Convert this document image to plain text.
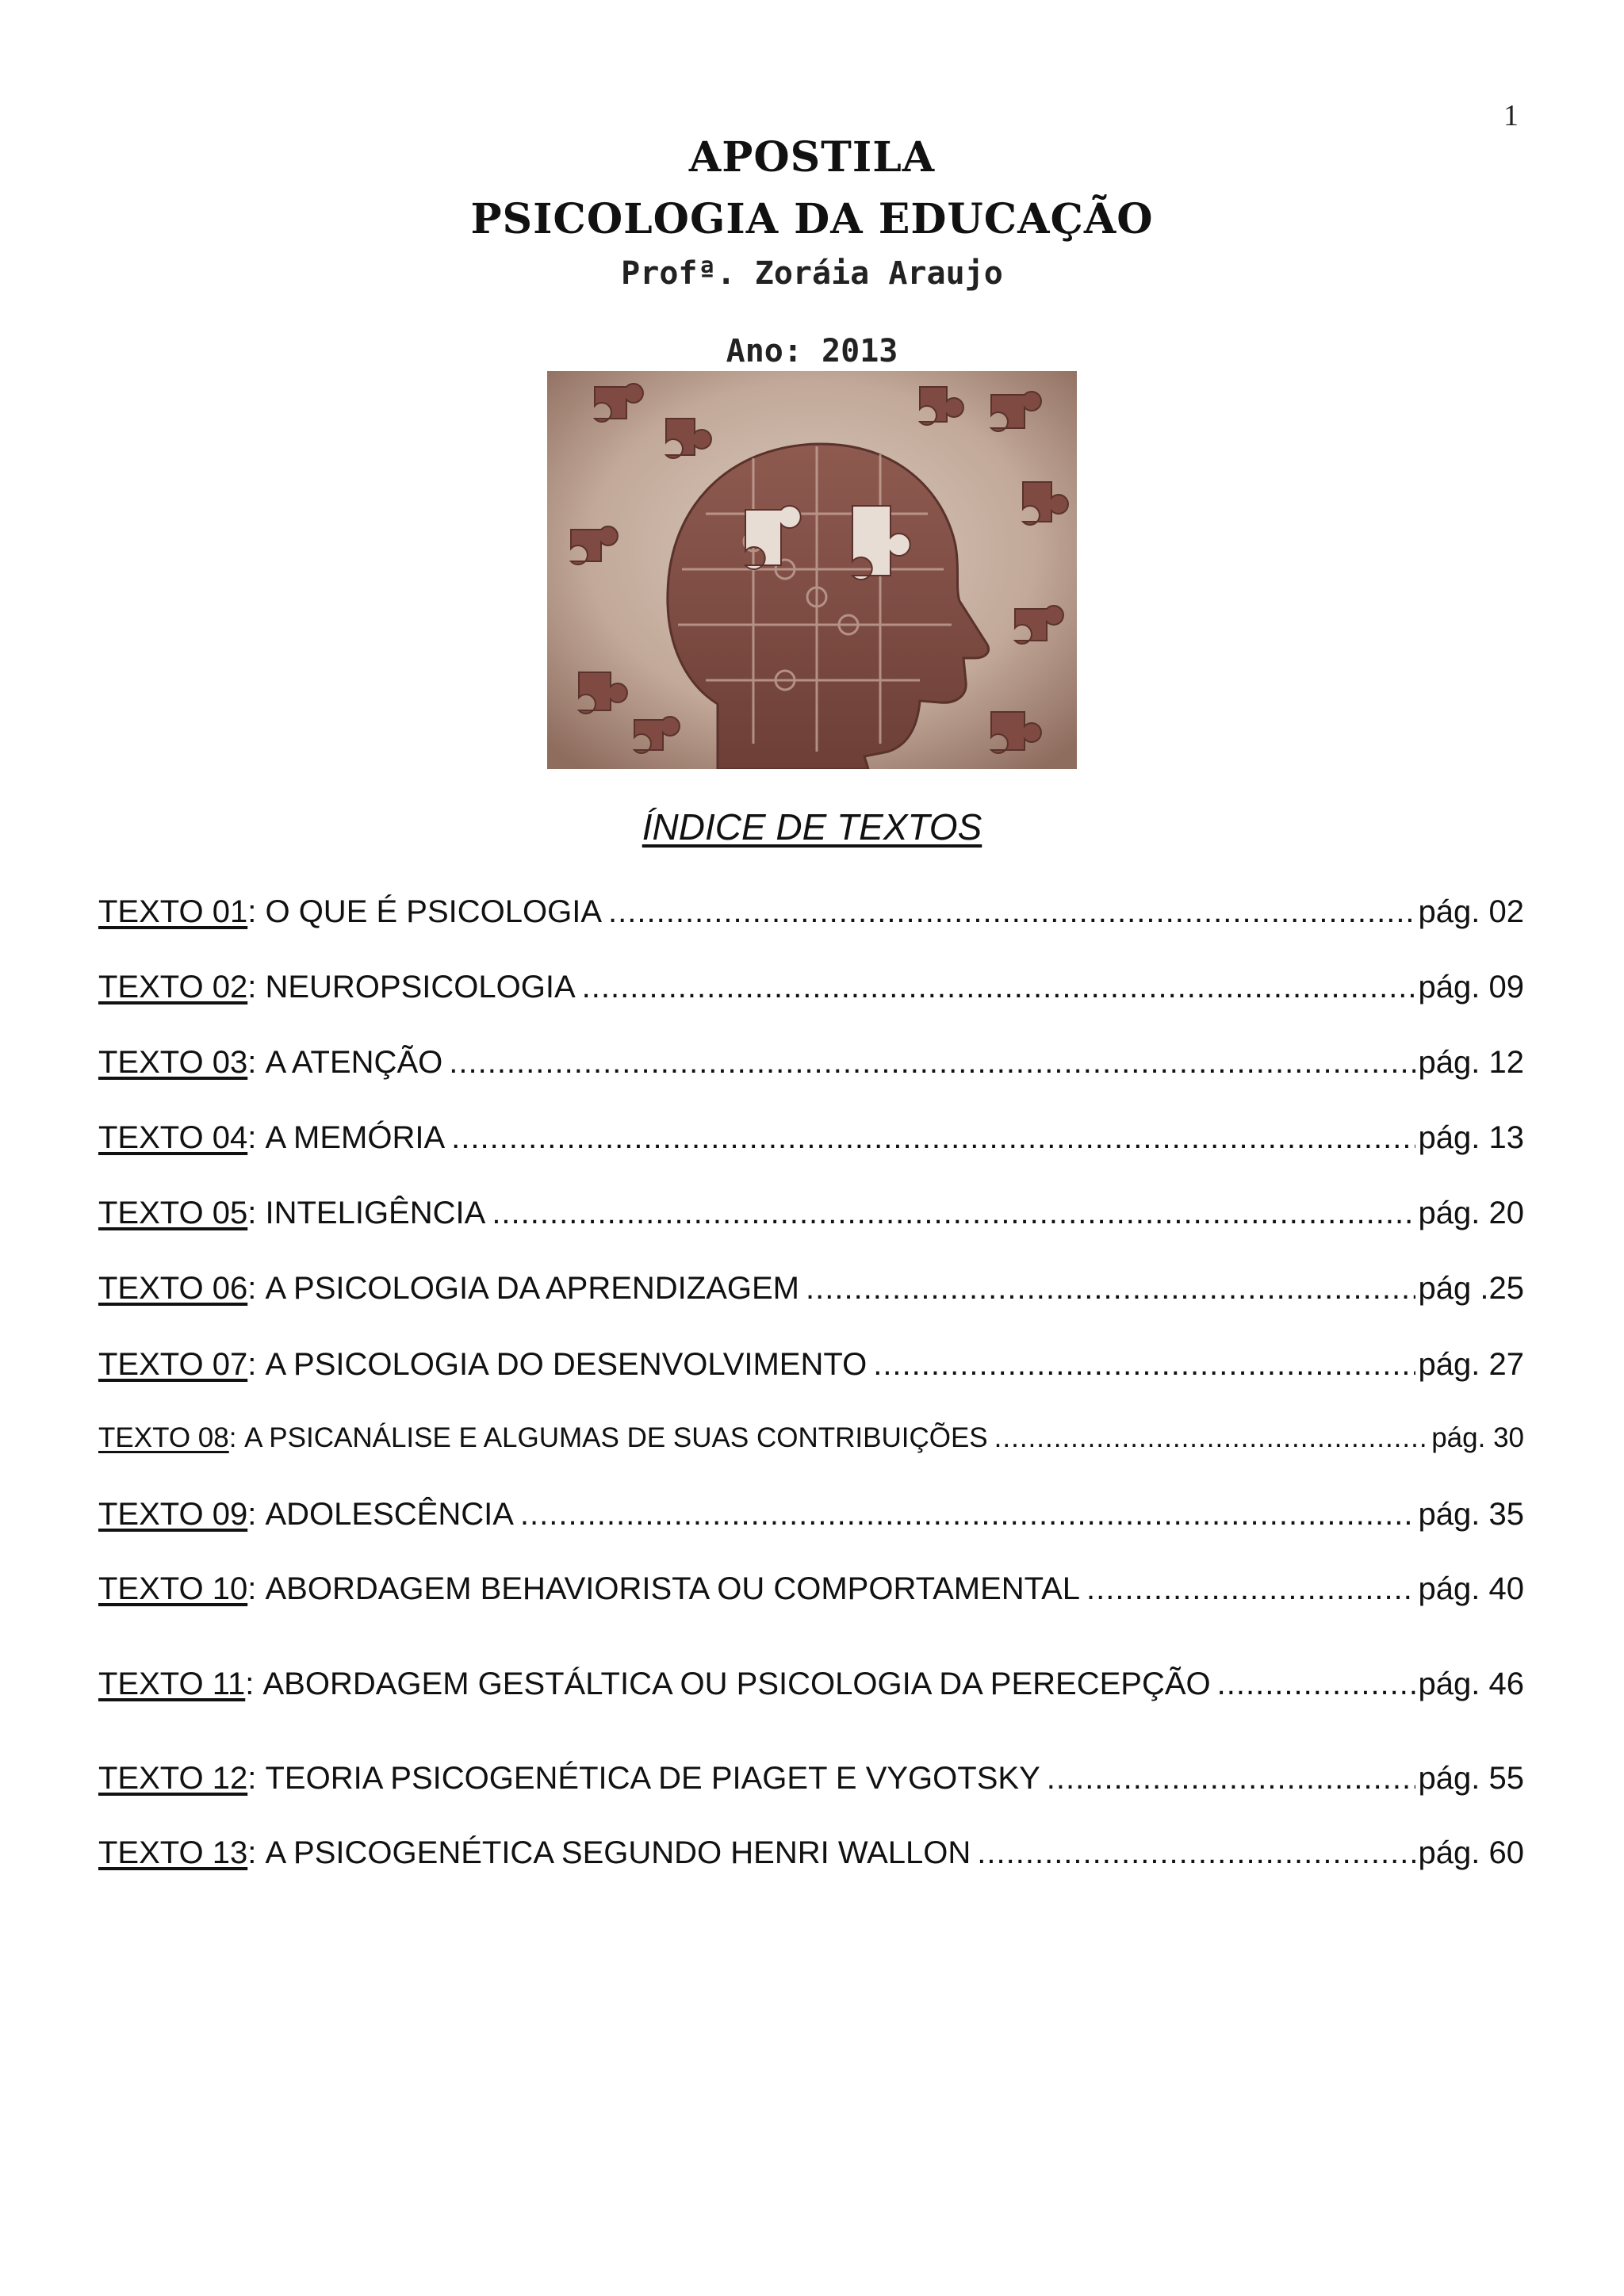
1
APOSTILA
PSICOLOGIA DA EDUCAÇÃO
Profª. Zoráia Araujo
Ano: 2013
ÍNDICE DE TEXTOS
TEXTO 01 : O QUE É PSICOLOGIA .....	pág. 02
TEXTO 02 : NEUROPSICOLOGIA .....	pág. 09
TEXTO 03 : A ATENÇÃO .....	pág. 12
TEXTO 04 : A MEMÓRIA .....	pág. 13
TEXTO 05 : INTELIGÊNCIA .....	pág. 20
TEXTO 06 : A PSICOLOGIA DA APRENDIZAGEM .....	pág .25
TEXTO 07 : A PSICOLOGIA DO DESENVOLVIMENTO .....	pág. 27
TEXTO 08 : A PSICANÁLISE E ALGUMAS DE SUAS CONTRIBUIÇÕES .....	pág. 30
TEXTO 09 : ADOLESCÊNCIA .....	pág. 35
TEXTO 10 : ABORDAGEM BEHAVIORISTA OU COMPORTAMENTAL .....	pág. 40
TEXTO 11 : ABORDAGEM GESTÁLTICA OU PSICOLOGIA DA PERECEPÇÃO .....	pág. 46
TEXTO 12 : TEORIA PSICOGENÉTICA DE PIAGET E VYGOTSKY .....	pág. 55
TEXTO 13 : A PSICOGENÉTICA SEGUNDO HENRI WALLON .....	pág. 60
